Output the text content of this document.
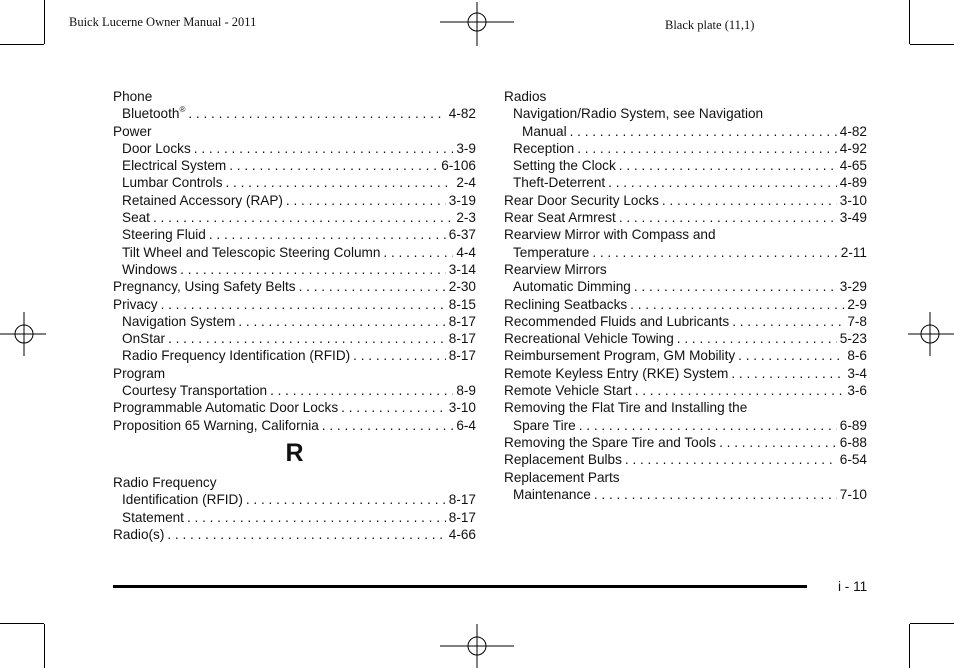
Buick Lucerne Owner Manual - 2011	Black plate (11,1)
Phone
Bluetooth® . . .	4-82
Power
Door Locks . . .	3-9
Electrical System . . .	6-106
Lumbar Controls . . .	2-4
Retained Accessory (RAP) . . .	3-19
Seat . . .	2-3
Steering Fluid . . .	6-37
Tilt Wheel and Telescopic Steering Column . . .	4-4
Windows . . .	3-14
Pregnancy, Using Safety Belts . . .	2-30
Privacy . . .	8-15
Navigation System . . .	8-17
OnStar . . .	8-17
Radio Frequency Identification (RFID) . . .	8-17
Program
Courtesy Transportation . . .	8-9
Programmable Automatic Door Locks . . .	3-10
Proposition 65 Warning, California . . .	6-4
R
Radio Frequency
Identification (RFID) . . .	8-17
Statement . . .	8-17
Radio(s) . . .	4-66
Radios
Navigation/Radio System, see Navigation
Manual . . .	4-82
Reception . . .	4-92
Setting the Clock . . .	4-65
Theft-Deterrent . . .	4-89
Rear Door Security Locks . . .	3-10
Rear Seat Armrest . . .	3-49
Rearview Mirror with Compass and
Temperature . . .	2-11
Rearview Mirrors
Automatic Dimming . . .	3-29
Reclining Seatbacks . . .	2-9
Recommended Fluids and Lubricants . . .	7-8
Recreational Vehicle Towing . . .	5-23
Reimbursement Program, GM Mobility . . .	8-6
Remote Keyless Entry (RKE) System . . .	3-4
Remote Vehicle Start . . .	3-6
Removing the Flat Tire and Installing the
Spare Tire . . .	6-89
Removing the Spare Tire and Tools . . .	6-88
Replacement Bulbs . . .	6-54
Replacement Parts
Maintenance . . .	7-10
i - 11
